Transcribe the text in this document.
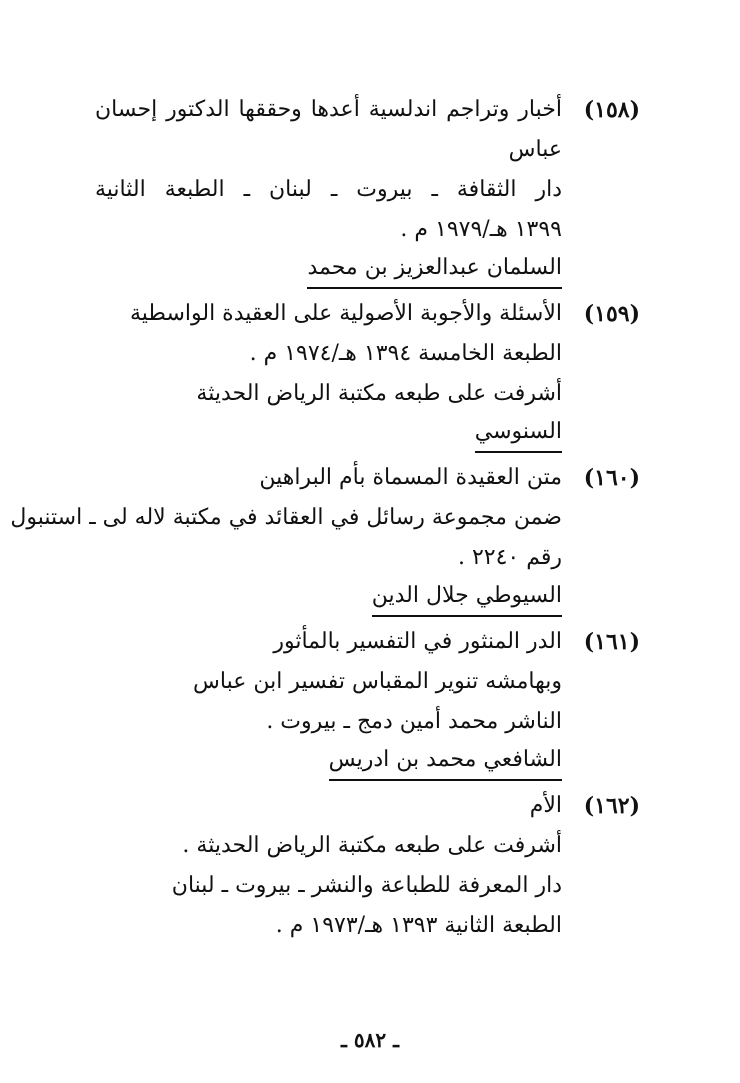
(١٥٨)
أخبار وتراجم اندلسية أعدها وحققها الدكتور إحسان
عباس
دار الثقافة ـ بيروت ـ لبنان ـ الطبعة الثانية
١٣٩٩ هـ/١٩٧٩ م .
السلمان عبدالعزيز بن محمد
(١٥٩)
الأسئلة والأجوبة الأصولية على العقيدة الواسطية
الطبعة الخامسة ١٣٩٤ هـ/١٩٧٤ م .
أشرفت على طبعه مكتبة الرياض الحديثة
السنوسي
(١٦٠)
متن العقيدة المسماة بأم البراهين
ضمن مجموعة رسائل في العقائد في مكتبة لاله لى ـ استنبول
رقم ٢٢٤٠ .
السيوطي جلال الدين
(١٦١)
الدر المنثور في التفسير بالمأثور
وبهامشه تنوير المقباس تفسير ابن عباس
الناشر محمد أمين دمج ـ بيروت .
الشافعي محمد بن ادريس
(١٦٢)
الأم
أشرفت على طبعه مكتبة الرياض الحديثة .
دار المعرفة للطباعة والنشر ـ بيروت ـ لبنان
الطبعة الثانية ١٣٩٣ هـ/١٩٧٣ م .
ـ ٥٨٢ ـ
